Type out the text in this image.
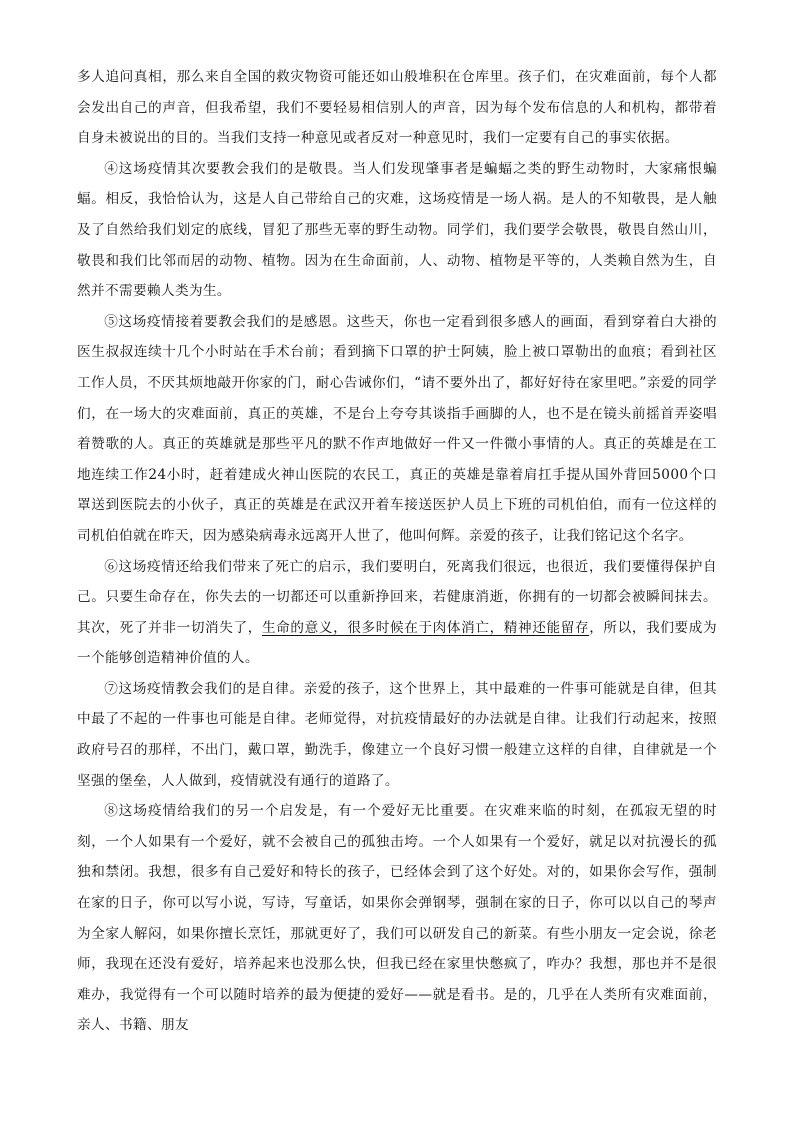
多人追问真相，那么来自全国的救灾物资可能还如山般堆积在仓库里。孩子们，在灾难面前，每个人都会发出自己的声音，但我希望，我们不要轻易相信别人的声音，因为每个发布信息的人和机构，都带着自身未被说出的目的。当我们支持一种意见或者反对一种意见时，我们一定要有自己的事实依据。

④这场疫情其次要教会我们的是敬畏。当人们发现肇事者是蝙蝠之类的野生动物时，大家痛恨蝙蝠。相反，我恰恰认为，这是人自己带给自己的灾难，这场疫情是一场人祸。是人的不知敬畏，是人触及了自然给我们划定的底线，冒犯了那些无辜的野生动物。同学们，我们要学会敬畏，敬畏自然山川，敬畏和我们比邻而居的动物、植物。因为在生命面前，人、动物、植物是平等的，人类赖自然为生，自然并不需要赖人类为生。

⑤这场疫情接着要教会我们的是感恩。这些天，你也一定看到很多感人的画面，看到穿着白大褂的医生叔叔连续十几个小时站在手术台前；看到摘下口罩的护士阿姨，脸上被口罩勒出的血痕；看到社区工作人员，不厌其烦地敲开你家的门，耐心告诫你们，“请不要外出了，都好好待在家里吧。”亲爱的同学们，在一场大的灾难面前，真正的英雄，不是台上夸夸其谈指手画脚的人，也不是在镜头前摇首弄姿唱着赞歌的人。真正的英雄就是那些平凡的默不作声地做好一件又一件微小事情的人。真正的英雄是在工地连续工作24小时，赶着建成火神山医院的农民工，真正的英雄是靠着肩扛手提从国外背回5000个口罩送到医院去的小伙子，真正的英雄是在武汉开着车接送医护人员上下班的司机伯伯，而有一位这样的司机伯伯就在昨天，因为感染病毒永远离开人世了，他叫何辉。亲爱的孩子，让我们铭记这个名字。

⑥这场疫情还给我们带来了死亡的启示，我们要明白，死离我们很远，也很近，我们要懂得保护自己。只要生命存在，你失去的一切都还可以重新挣回来，若健康消逝，你拥有的一切都会被瞬间抹去。其次，死了并非一切消失了，生命的意义，很多时候在于肉体消亡，精神还能留存，所以，我们要成为一个能够创造精神价值的人。

⑦这场疫情教会我们的是自律。亲爱的孩子，这个世界上，其中最难的一件事可能就是自律，但其中最了不起的一件事也可能是自律。老师觉得，对抗疫情最好的办法就是自律。让我们行动起来，按照政府号召的那样，不出门，戴口罩，勤洗手，像建立一个良好习惯一般建立这样的自律，自律就是一个坚强的堡垒，人人做到，疫情就没有通行的道路了。

⑧这场疫情给我们的另一个启发是，有一个爱好无比重要。在灾难来临的时刻，在孤寂无望的时刻，一个人如果有一个爱好，就不会被自己的孤独击垮。一个人如果有一个爱好，就足以对抗漫长的孤独和禁闭。我想，很多有自己爱好和特长的孩子，已经体会到了这个好处。对的，如果你会写作，强制在家的日子，你可以写小说，写诗，写童话，如果你会弹钢琴，强制在家的日子，你可以以自己的琴声为全家人解闷，如果你擅长烹饪，那就更好了，我们可以研发自己的新菜。有些小朋友一定会说，徐老师，我现在还没有爱好，培养起来也没那么快，但我已经在家里快憋疯了，咋办？我想，那也并不是很难办，我觉得有一个可以随时培养的最为便捷的爱好——就是看书。是的，几乎在人类所有灾难面前，亲人、书籍、朋友
